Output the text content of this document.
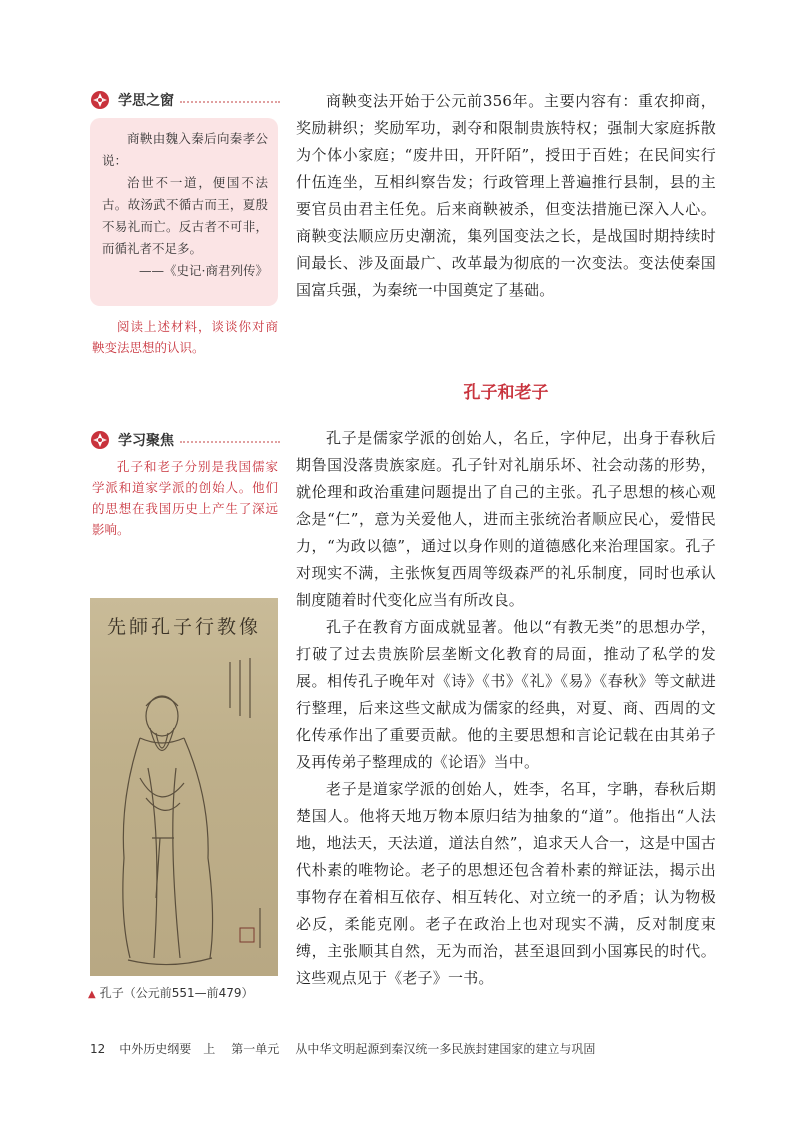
学思之窗

商鞅由魏入秦后向秦孝公说：

治世不一道，便国不法古。故汤武不循古而王，夏殷不易礼而亡。反古者不可非，而循礼者不足多。

——《史记·商君列传》

阅读上述材料，谈谈你对商鞅变法思想的认识。
学习聚焦
孔子和老子分别是我国儒家学派和道家学派的创始人。他们的思想在我国历史上产生了深远影响。
先師孔子行教像
▲ 孔子（公元前551—前479）

商鞅变法开始于公元前356年。主要内容有：重农抑商，奖励耕织；奖励军功，剥夺和限制贵族特权；强制大家庭拆散为个体小家庭；“废井田，开阡陌”，授田于百姓；在民间实行什伍连坐，互相纠察告发；行政管理上普遍推行县制，县的主要官员由君主任免。后来商鞅被杀，但变法措施已深入人心。商鞅变法顺应历史潮流，集列国变法之长，是战国时期持续时间最长、涉及面最广、改革最为彻底的一次变法。变法使秦国国富兵强，为秦统一中国奠定了基础。

孔子和老子

孔子是儒家学派的创始人，名丘，字仲尼，出身于春秋后期鲁国没落贵族家庭。孔子针对礼崩乐坏、社会动荡的形势，就伦理和政治重建问题提出了自己的主张。孔子思想的核心观念是“仁”，意为关爱他人，进而主张统治者顺应民心，爱惜民力，“为政以德”，通过以身作则的道德感化来治理国家。孔子对现实不满，主张恢复西周等级森严的礼乐制度，同时也承认制度随着时代变化应当有所改良。

孔子在教育方面成就显著。他以“有教无类”的思想办学，打破了过去贵族阶层垄断文化教育的局面，推动了私学的发展。相传孔子晚年对《诗》《书》《礼》《易》《春秋》等文献进行整理，后来这些文献成为儒家的经典，对夏、商、西周的文化传承作出了重要贡献。他的主要思想和言论记载在由其弟子及再传弟子整理成的《论语》当中。

老子是道家学派的创始人，姓李，名耳，字聃，春秋后期楚国人。他将天地万物本原归结为抽象的“道”。他指出“人法地，地法天，天法道，道法自然”，追求天人合一，这是中国古代朴素的唯物论。老子的思想还包含着朴素的辩证法，揭示出事物存在着相互依存、相互转化、对立统一的矛盾；认为物极必反，柔能克刚。老子在政治上也对现实不满，反对制度束缚，主张顺其自然，无为而治，甚至退回到小国寡民的时代。这些观点见于《老子》一书。

12 中外历史纲要　上 第一单元 从中华文明起源到秦汉统一多民族封建国家的建立与巩固
